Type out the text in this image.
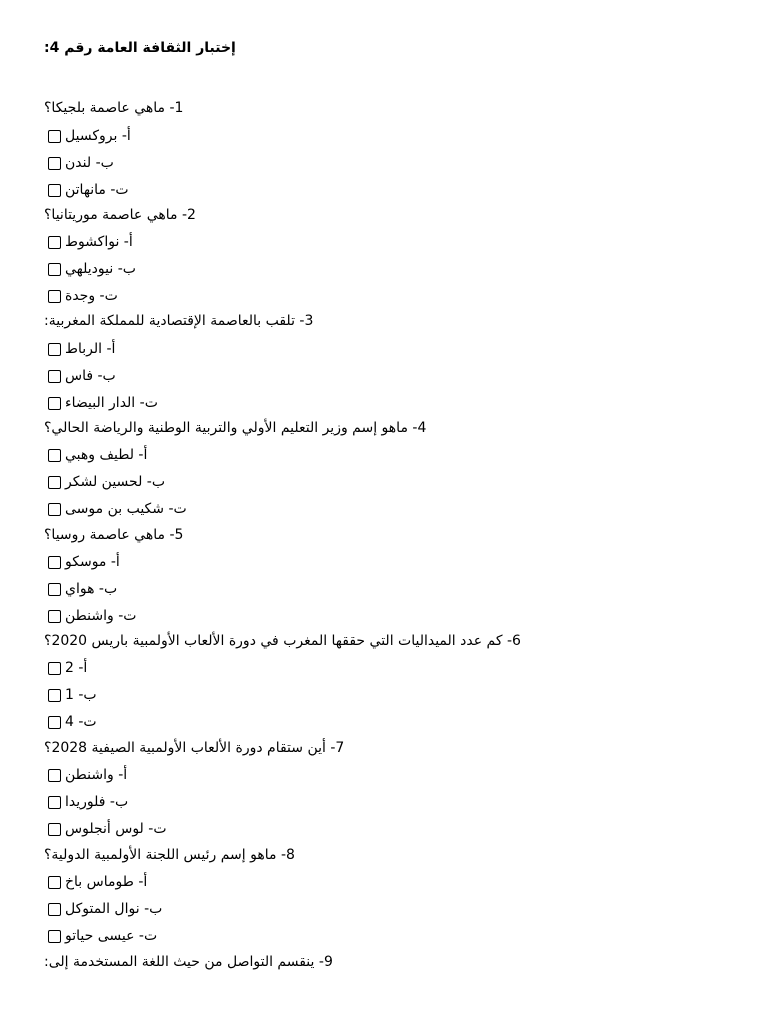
إختبار الثقافة العامة رقم 4:
1- ماهي عاصمة بلجيكا؟
أ- بروكسيل
ب- لندن
ت- مانهاتن
2- ماهي عاصمة موريتانيا؟
أ- نواكشوط
ب- نيوديلهي
ت- وجدة
3- تلقب بالعاصمة الإقتصادية للمملكة المغربية:
أ- الرباط
ب- فاس
ت- الدار البيضاء
4- ماهو إسم وزير التعليم الأولي والتربية الوطنية والرياضة الحالي؟
أ- لطيف وهبي
ب- لحسين لشكر
ت- شكيب بن موسى
5- ماهي عاصمة روسيا؟
أ- موسكو
ب- هواي
ت- واشنطن
6- كم عدد الميداليات التي حققها المغرب في دورة الألعاب الأولمبية باريس 2020؟
أ- 2
ب- 1
ت- 4
7- أين ستقام دورة الألعاب الأولمبية الصيفية 2028؟
أ- واشنطن
ب- فلوريدا
ت- لوس أنجلوس
8- ماهو إسم رئيس اللجنة الأولمبية الدولية؟
أ- طوماس باخ
ب- نوال المتوكل
ت- عيسى حياتو
9- ينقسم التواصل من حيث اللغة المستخدمة إلى:
